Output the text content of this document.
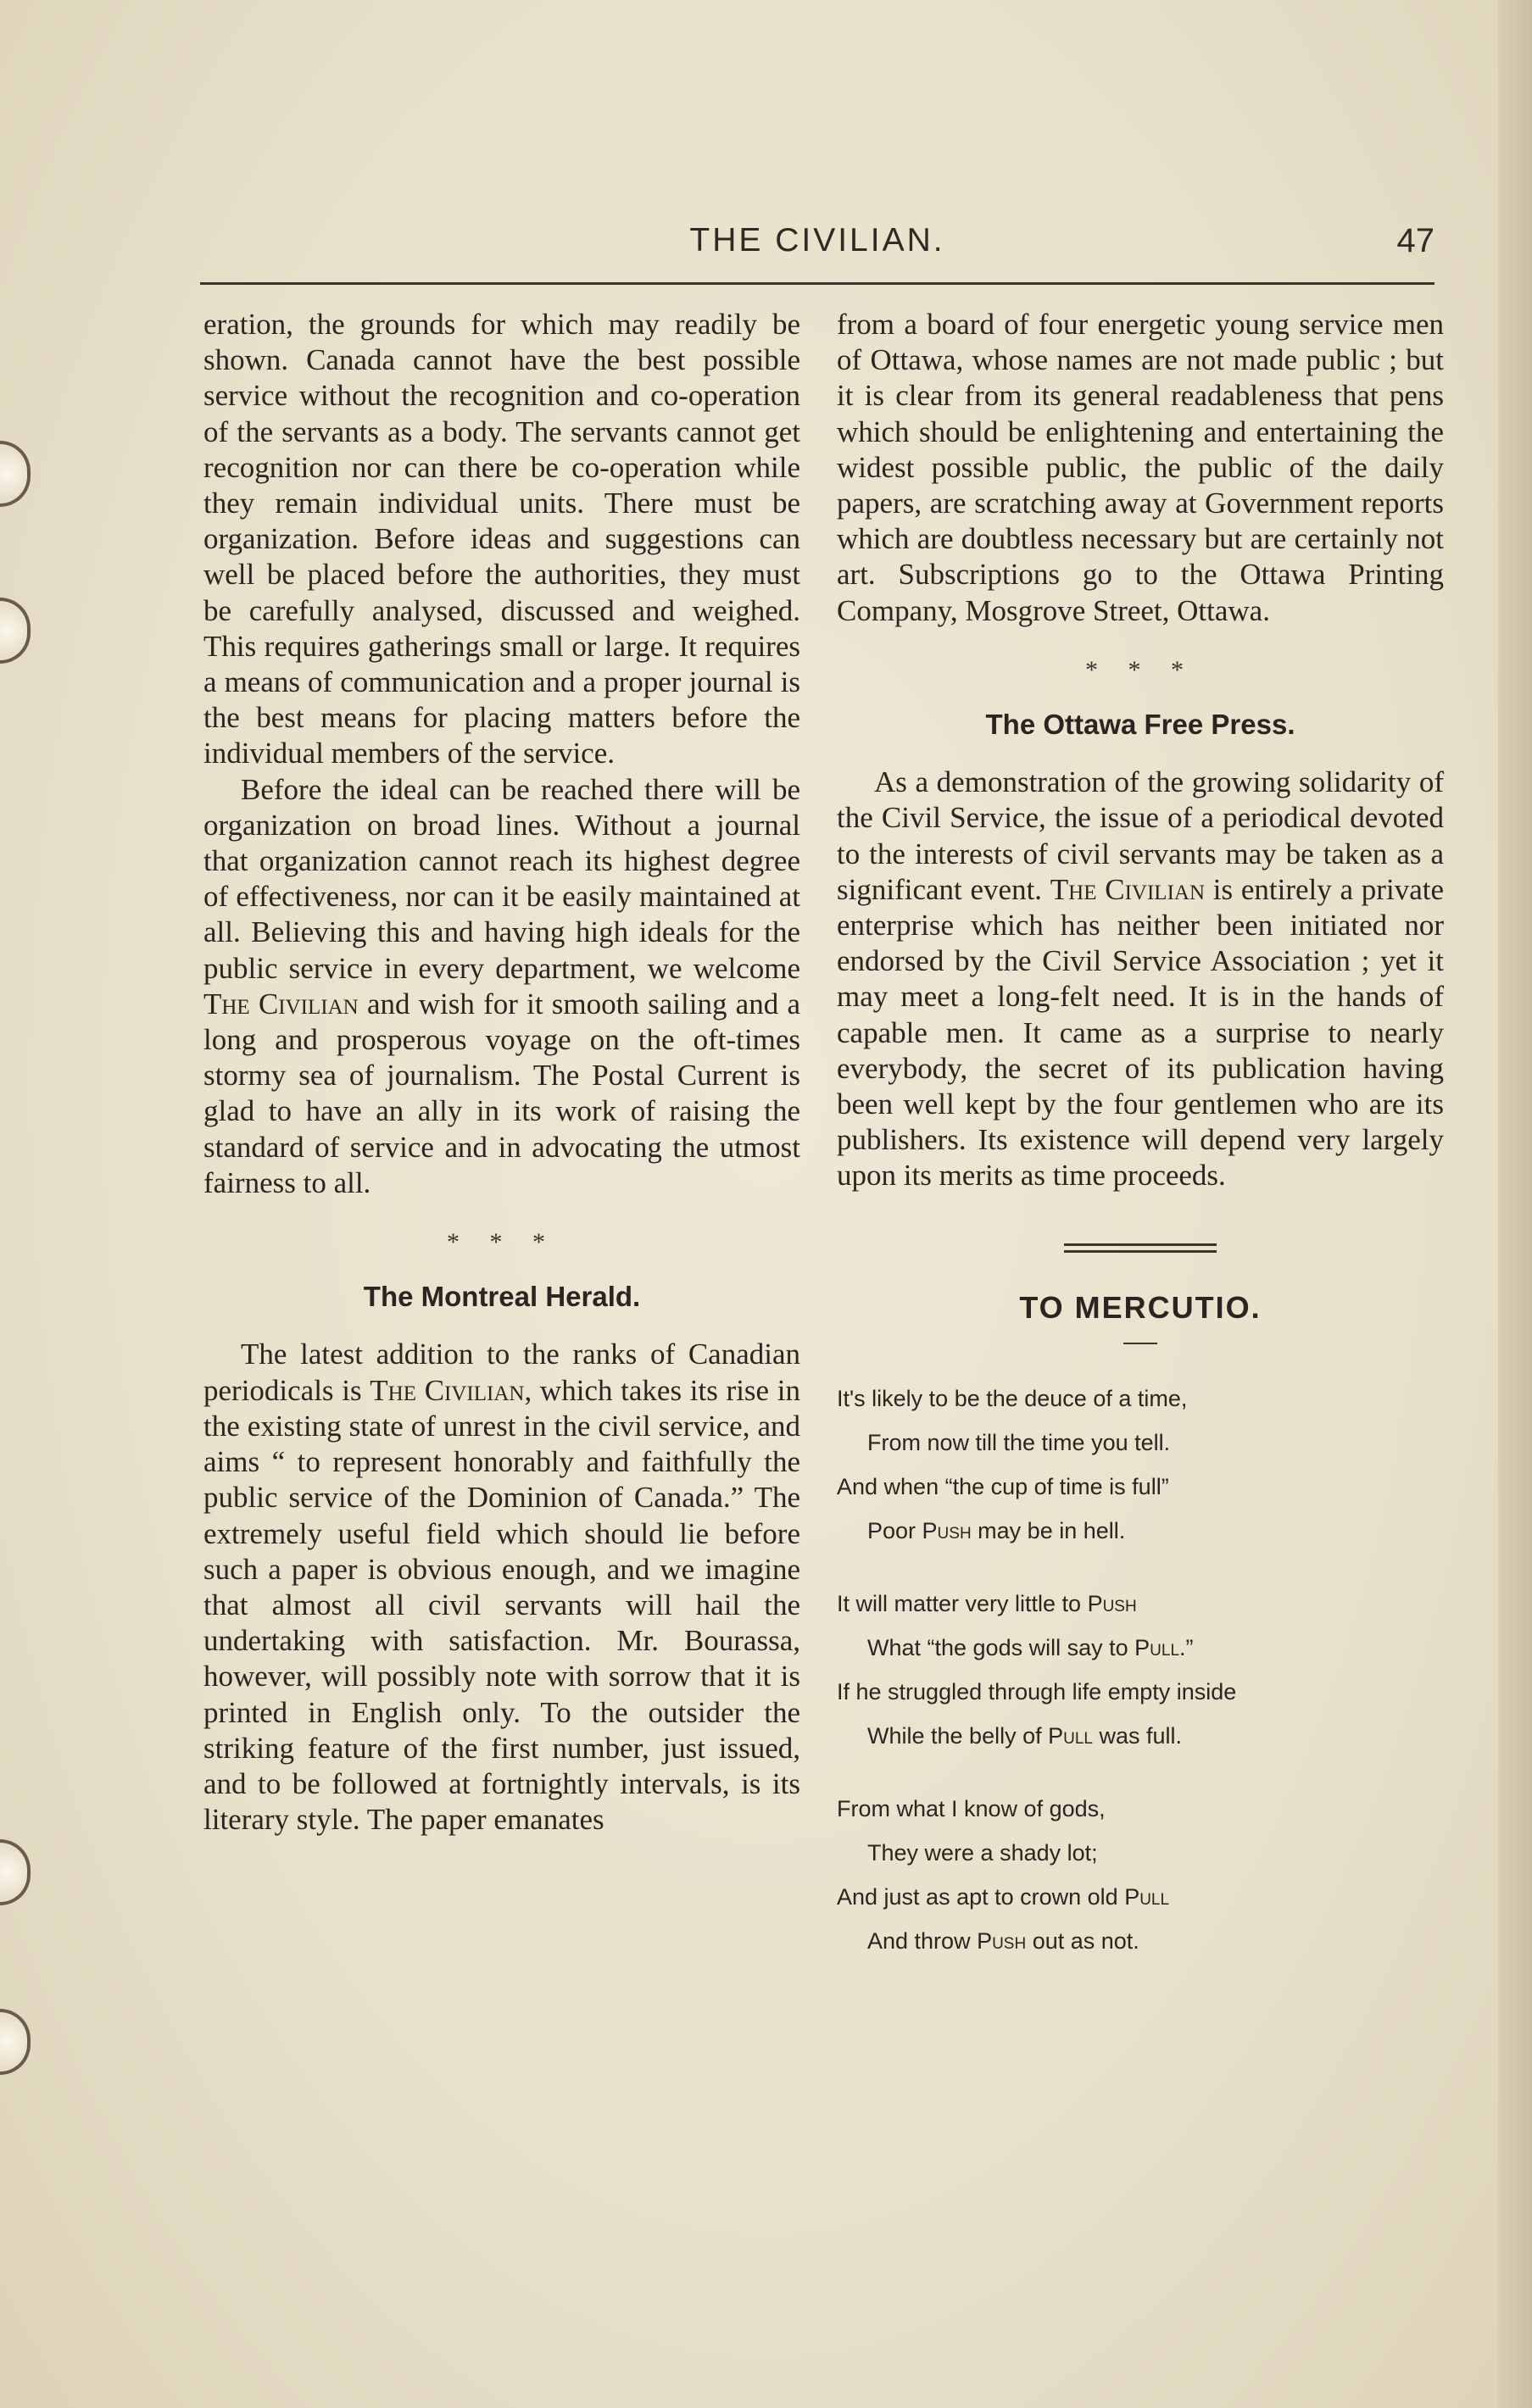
THE CIVILIAN.	47

eration, the grounds for which may readily be shown. Canada cannot have the best possible service without the recognition and co-operation of the servants as a body. The servants cannot get recognition nor can there be co-operation while they remain individual units. There must be organization. Before ideas and suggestions can well be placed before the authorities, they must be carefully analysed, discussed and weighed. This requires gatherings small or large. It requires a means of communication and a proper journal is the best means for placing matters before the individual members of the service.

Before the ideal can be reached there will be organization on broad lines. Without a journal that organization cannot reach its highest degree of effectiveness, nor can it be easily maintained at all. Believing this and having high ideals for the public service in every department, we welcome The Civilian and wish for it smooth sailing and a long and prosperous voyage on the oft-times stormy sea of journalism. The Postal Current is glad to have an ally in its work of raising the standard of service and in advocating the utmost fairness to all.

* * *
The Montreal Herald.

The latest addition to the ranks of Canadian periodicals is The Civilian, which takes its rise in the existing state of unrest in the civil service, and aims “ to represent honorably and faithfully the public service of the Dominion of Canada.” The extremely useful field which should lie before such a paper is obvious enough, and we imagine that almost all civil servants will hail the undertaking with satisfaction. Mr. Bourassa, however, will possibly note with sorrow that it is printed in English only. To the outsider the striking feature of the first number, just issued, and to be followed at fortnightly intervals, is its literary style. The paper emanates

from a board of four energetic young service men of Ottawa, whose names are not made public ; but it is clear from its general readableness that pens which should be enlightening and entertaining the widest possible public, the public of the daily papers, are scratching away at Government reports which are doubtless necessary but are certainly not art. Subscriptions go to the Ottawa Printing Company, Mosgrove Street, Ottawa.

* * *
The Ottawa Free Press.

As a demonstration of the growing solidarity of the Civil Service, the issue of a periodical devoted to the interests of civil servants may be taken as a significant event. The Civilian is entirely a private enterprise which has neither been initiated nor endorsed by the Civil Service Association ; yet it may meet a long-felt need. It is in the hands of capable men. It came as a surprise to nearly everybody, the secret of its publication having been well kept by the four gentlemen who are its publishers. Its existence will depend very largely upon its merits as time proceeds.

TO MERCUTIO.
It's likely to be the deuce of a time,
From now till the time you tell.
And when “the cup of time is full”
Poor Push may be in hell.
It will matter very little to Push
What “the gods will say to Pull.”
If he struggled through life empty inside
While the belly of Pull was full.
From what I know of gods,
They were a shady lot;
And just as apt to crown old Pull
And throw Push out as not.
